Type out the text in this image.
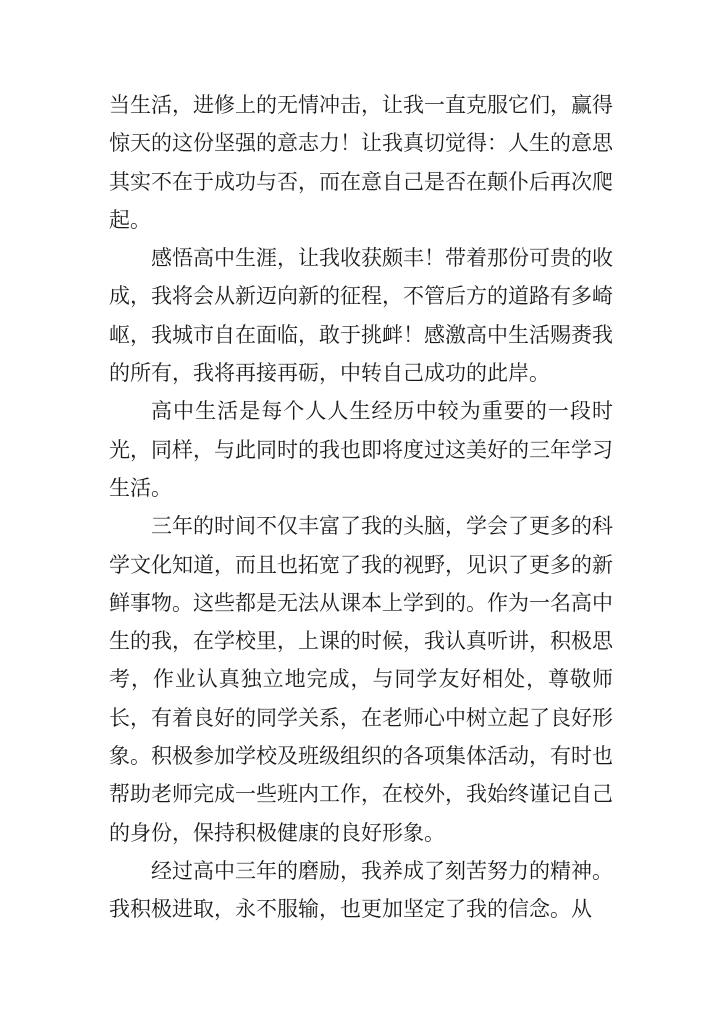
当生活，进修上的无情冲击，让我一直克服它们，赢得惊天的这份坚强的意志力！让我真切觉得：人生的意思其实不在于成功与否，而在意自己是否在颠仆后再次爬起。

感悟高中生涯，让我收获颇丰！带着那份可贵的收成，我将会从新迈向新的征程，不管后方的道路有多崎岖，我城市自在面临，敢于挑衅！感激高中生活赐赉我的所有，我将再接再砺，中转自己成功的此岸。

高中生活是每个人人生经历中较为重要的一段时光，同样，与此同时的我也即将度过这美好的三年学习生活。

三年的时间不仅丰富了我的头脑，学会了更多的科学文化知道，而且也拓宽了我的视野，见识了更多的新鲜事物。这些都是无法从课本上学到的。作为一名高中生的我，在学校里，上课的时候，我认真听讲，积极思考，作业认真独立地完成，与同学友好相处，尊敬师长，有着良好的同学关系，在老师心中树立起了良好形象。积极参加学校及班级组织的各项集体活动，有时也帮助老师完成一些班内工作，在校外，我始终谨记自己的身份，保持积极健康的良好形象。

经过高中三年的磨励，我养成了刻苦努力的精神。我积极进取，永不服输，也更加坚定了我的信念。从
